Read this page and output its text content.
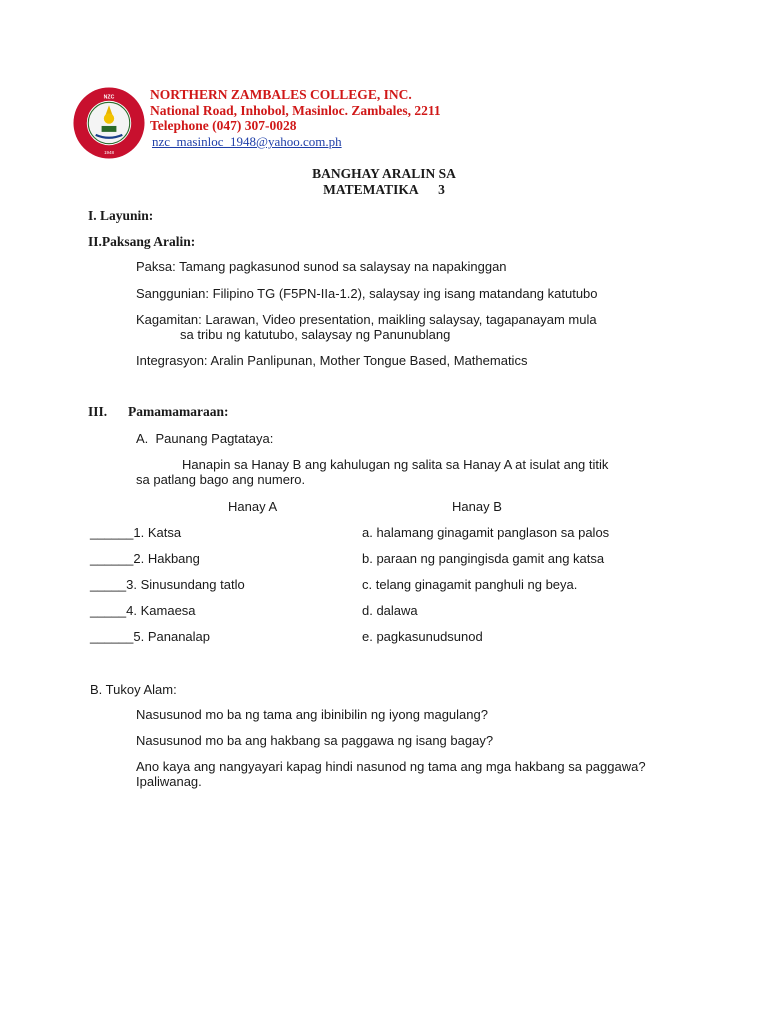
NZC
1948
NORTHERN ZAMBALES COLLEGE, INC.
National Road, Inhobol, Masinloc. Zambales, 2211
Telephone (047) 307-0028
nzc_masinloc_1948@yahoo.com.ph
BANGHAY ARALIN SA
MATEMATIKA      3
I. Layunin:
II.Paksang Aralin:
Paksa: Tamang pagkasunod sunod sa salaysay na napakinggan
Sanggunian: Filipino TG (F5PN-IIa-1.2), salaysay ing isang matandang katutubo
Kagamitan: Larawan, Video presentation, maikling salaysay, tagapanayam mula
sa tribu ng katutubo, salaysay ng Panunublang
Integrasyon: Aralin Panlipunan, Mother Tongue Based, Mathematics
III. Pamamamaraan:
A.  Paunang Pagtataya:
Hanapin sa Hanay B ang kahulugan ng salita sa Hanay A at isulat ang titik
sa patlang bago ang numero.
Hanay A	Hanay B
______1. Katsa	a. halamang ginagamit panglason sa palos
______2. Hakbang	b. paraan ng pangingisda gamit ang katsa
_____3. Sinusundang tatlo	c. telang ginagamit panghuli ng beya.
_____4. Kamaesa	d. dalawa
______5. Pananalap	e. pagkasunudsunod
B. Tukoy Alam:
Nasusunod mo ba ng tama ang ibinibilin ng iyong magulang?
Nasusunod mo ba ang hakbang sa paggawa ng isang bagay?
Ano kaya ang nangyayari kapag hindi nasunod ng tama ang mga hakbang sa paggawa?
Ipaliwanag.
